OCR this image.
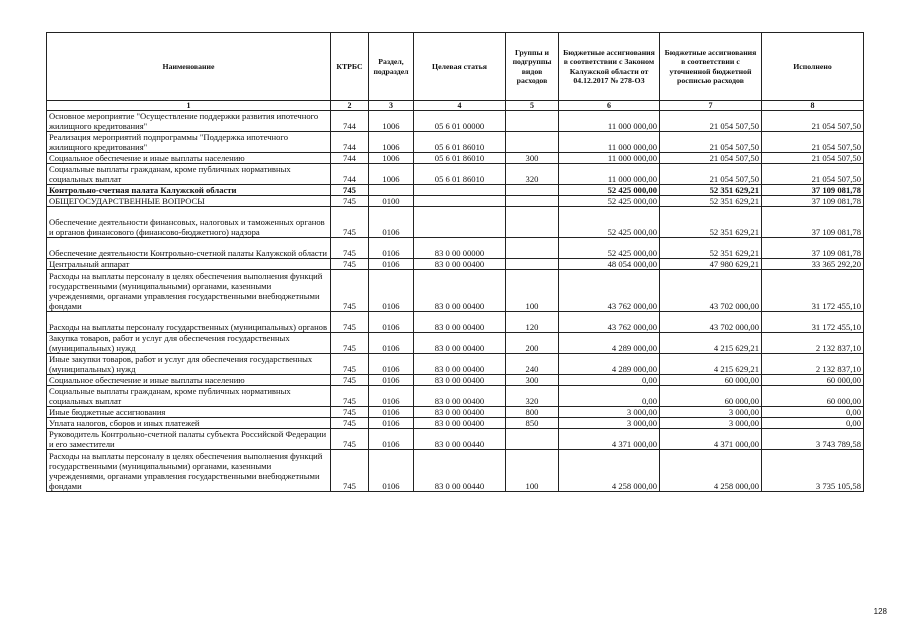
Наименование	КТРБС	Раздел, подраздел	Целевая статья	Группы и подгруппы видов расходов	Бюджетные ассигнования в соответствии с Законом Калужской области от 04.12.2017 № 278-ОЗ	Бюджетные ассигнования в соответствии с уточненной бюджетной росписью расходов	Исполнено
1	2	3	4	5	6	7	8
Основное мероприятие "Осуществление поддержки развития ипотечного жилищного кредитования"	744	1006	05 6 01 00000		11 000 000,00	21 054 507,50	21 054 507,50
Реализация мероприятий подпрограммы "Поддержка ипотечного жилищного кредитования"	744	1006	05 6 01 86010		11 000 000,00	21 054 507,50	21 054 507,50
Социальное обеспечение и иные выплаты населению	744	1006	05 6 01 86010	300	11 000 000,00	21 054 507,50	21 054 507,50
Социальные выплаты гражданам, кроме публичных нормативных социальных выплат	744	1006	05 6 01 86010	320	11 000 000,00	21 054 507,50	21 054 507,50
Контрольно-счетная палата Калужской области	745				52 425 000,00	52 351 629,21	37 109 081,78
ОБЩЕГОСУДАРСТВЕННЫЕ ВОПРОСЫ	745	0100			52 425 000,00	52 351 629,21	37 109 081,78
Обеспечение деятельности финансовых, налоговых и таможенных органов и органов финансового (финансово-бюджетного) надзора	745	0106			52 425 000,00	52 351 629,21	37 109 081,78
Обеспечение деятельности Контрольно-счетной палаты Калужской области	745	0106	83 0 00 00000		52 425 000,00	52 351 629,21	37 109 081,78
Центральный аппарат	745	0106	83 0 00 00400		48 054 000,00	47 980 629,21	33 365 292,20
Расходы на выплаты персоналу в целях обеспечения выполнения функций государственными (муниципальными) органами, казенными учреждениями, органами управления государственными внебюджетными фондами	745	0106	83 0 00 00400	100	43 762 000,00	43 702 000,00	31 172 455,10
Расходы на выплаты персоналу государственных (муниципальных) органов	745	0106	83 0 00 00400	120	43 762 000,00	43 702 000,00	31 172 455,10
Закупка товаров, работ и услуг для обеспечения государственных (муниципальных) нужд	745	0106	83 0 00 00400	200	4 289 000,00	4 215 629,21	2 132 837,10
Иные закупки товаров, работ и услуг для обеспечения государственных (муниципальных) нужд	745	0106	83 0 00 00400	240	4 289 000,00	4 215 629,21	2 132 837,10
Социальное обеспечение и иные выплаты населению	745	0106	83 0 00 00400	300	0,00	60 000,00	60 000,00
Социальные выплаты гражданам, кроме публичных нормативных социальных выплат	745	0106	83 0 00 00400	320	0,00	60 000,00	60 000,00
Иные бюджетные ассигнования	745	0106	83 0 00 00400	800	3 000,00	3 000,00	0,00
Уплата налогов, сборов и иных платежей	745	0106	83 0 00 00400	850	3 000,00	3 000,00	0,00
Руководитель Контрольно-счетной палаты субъекта Российской Федерации и его заместители	745	0106	83 0 00 00440		4 371 000,00	4 371 000,00	3 743 789,58
Расходы на выплаты персоналу в целях обеспечения выполнения функций государственными (муниципальными) органами, казенными учреждениями, органами управления государственными внебюджетными фондами	745	0106	83 0 00 00440	100	4 258 000,00	4 258 000,00	3 735 105,58
128
